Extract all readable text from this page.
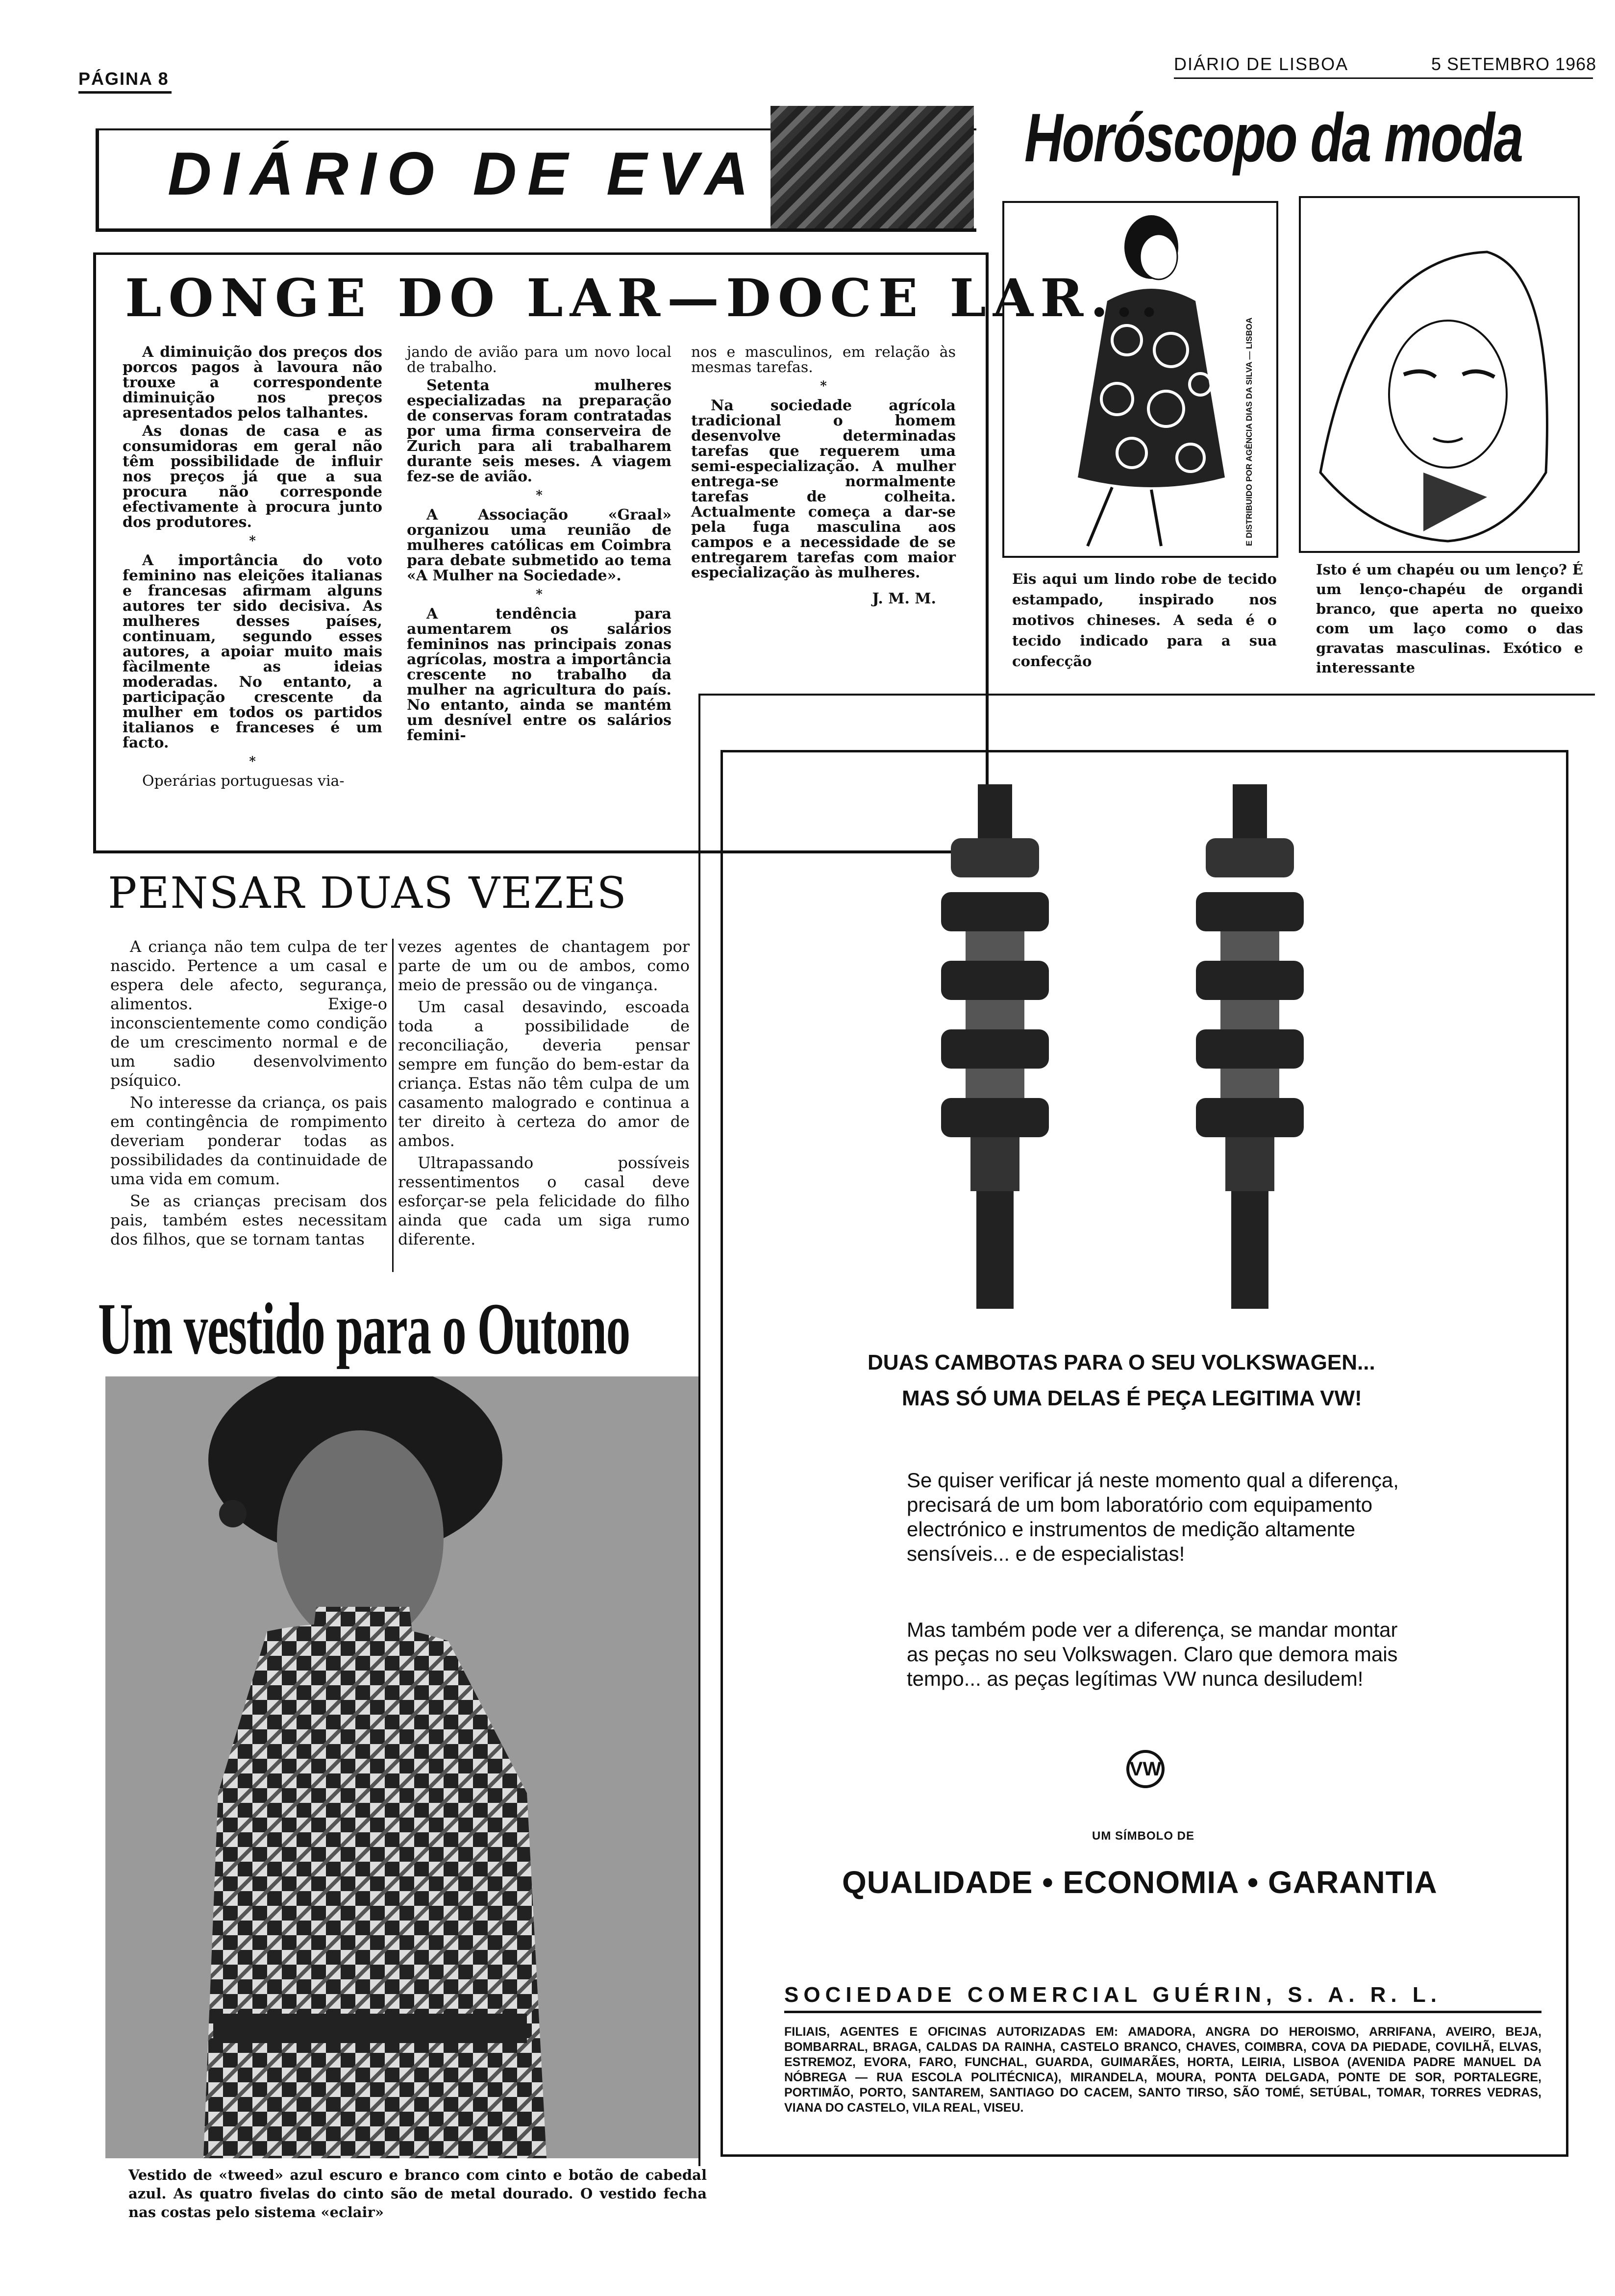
PÁGINA 8
DIÁRIO DE LISBOA	5 SETEMBRO 1968
DIÁRIO DE EVA	Horóscopo da moda
E DISTRIBUIDO POR AGÊNCIA DIAS DA SILVA — LISBOA
Eis aqui um lindo robe de tecido estampado, inspirado nos motivos chineses. A seda é o tecido indicado para a sua confecção
Isto é um chapéu ou um lenço? É um lenço-chapéu de organdi branco, que aperta no queixo com um laço como o das gravatas masculinas. Exótico e interessante
LONGE DO LAR—DOCE LAR...

A diminuição dos preços dos porcos pagos à lavoura não trouxe a correspondente diminuição nos preços apresentados pelos talhantes.

As donas de casa e as consumidoras em geral não têm possibilidade de influir nos preços já que a sua procura não corresponde efectivamente à procura junto dos produtores.

*

A importância do voto feminino nas eleições italianas e francesas afirmam alguns autores ter sido decisiva. As mulheres desses países, continuam, segundo esses autores, a apoiar muito mais fàcilmente as ideias moderadas. No entanto, a participação crescente da mulher em todos os partidos italianos e franceses é um facto.

*

Operárias portuguesas via-

jando de avião para um novo local de trabalho.

Setenta mulheres especializadas na preparação de conservas foram contratadas por uma firma conserveira de Zurich para ali trabalharem durante seis meses. A viagem fez-se de avião.

*

A Associação «Graal» organizou uma reunião de mulheres católicas em Coimbra para debate submetido ao tema «A Mulher na Sociedade».

*

A tendência para aumentarem os salários femininos nas principais zonas agrícolas, mostra a importância crescente no trabalho da mulher na agricultura do país. No entanto, ainda se mantém um desnível entre os salários femini-

nos e masculinos, em relação às mesmas tarefas.

*

Na sociedade agrícola tradicional o homem desenvolve determinadas tarefas que requerem uma semi-especialização. A mulher entrega-se normalmente tarefas de colheita. Actualmente começa a dar-se pela fuga masculina aos campos e a necessidade de se entregarem tarefas com maior especialização às mulheres.

J. M. M.

PENSAR DUAS VEZES

A criança não tem culpa de ter nascido. Pertence a um casal e espera dele afecto, segurança, alimentos. Exige-o inconscientemente como condição de um crescimento normal e de um sadio desenvolvimento psíquico.

No interesse da criança, os pais em contingência de rompimento deveriam ponderar todas as possibilidades da continuidade de uma vida em comum.

Se as crianças precisam dos pais, também estes necessitam dos filhos, que se tornam tantas

vezes agentes de chantagem por parte de um ou de ambos, como meio de pressão ou de vingança.

Um casal desavindo, escoada toda a possibilidade de reconciliação, deveria pensar sempre em função do bem-estar da criança. Estas não têm culpa de um casamento malogrado e continua a ter direito à certeza do amor de ambos.

Ultrapassando possíveis ressentimentos o casal deve esforçar-se pela felicidade do filho ainda que cada um siga rumo diferente.

Um vestido para o Outono
Vestido de «tweed» azul escuro e branco com cinto e botão de cabedal azul. As quatro fivelas do cinto são de metal dourado. O vestido fecha nas costas pelo sistema «eclair»
DUAS CAMBOTAS PARA O SEU VOLKSWAGEN...
MAS SÓ UMA DELAS É PEÇA LEGITIMA VW!
Se quiser verificar já neste momento qual a diferença, precisará de um bom laboratório com equipamento electrónico e instrumentos de medição altamente sensíveis... e de especialistas!
Mas também pode ver a diferença, se mandar montar as peças no seu Volkswagen. Claro que demora mais tempo... as peças legítimas VW nunca desiludem!
VW
UM SÍMBOLO DE
QUALIDADE • ECONOMIA • GARANTIA
SOCIEDADE COMERCIAL GUÉRIN, S. A. R. L.
FILIAIS, AGENTES E OFICINAS AUTORIZADAS EM: AMADORA, ANGRA DO HEROISMO, ARRIFANA, AVEIRO, BEJA, BOMBARRAL, BRAGA, CALDAS DA RAINHA, CASTELO BRANCO, CHAVES, COIMBRA, COVA DA PIEDADE, COVILHÃ, ELVAS, ESTREMOZ, EVORA, FARO, FUNCHAL, GUARDA, GUIMARÃES, HORTA, LEIRIA, LISBOA (AVENIDA PADRE MANUEL DA NÓBREGA — RUA ESCOLA POLITÉCNICA), MIRANDELA, MOURA, PONTA DELGADA, PONTE DE SOR, PORTALEGRE, PORTIMÃO, PORTO, SANTAREM, SANTIAGO DO CACEM, SANTO TIRSO, SÃO TOMÉ, SETÚBAL, TOMAR, TORRES VEDRAS, VIANA DO CASTELO, VILA REAL, VISEU.
